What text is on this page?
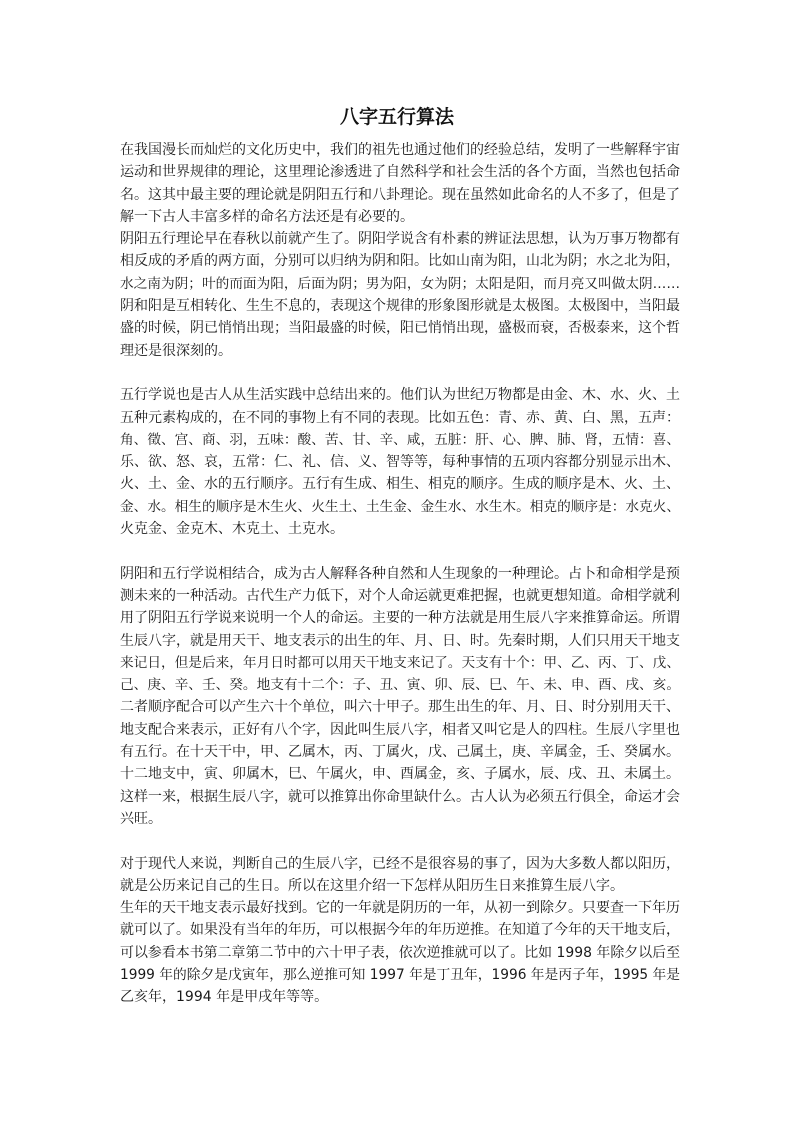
八字五行算法
在我国漫长而灿烂的文化历史中，我们的祖先也通过他们的经验总结，发明了一些解释宇宙
运动和世界规律的理论，这里理论渗透进了自然科学和社会生活的各个方面，当然也包括命
名。这其中最主要的理论就是阴阳五行和八卦理论。现在虽然如此命名的人不多了，但是了
解一下古人丰富多样的命名方法还是有必要的。
阴阳五行理论早在春秋以前就产生了。阴阳学说含有朴素的辨证法思想，认为万事万物都有
相反成的矛盾的两方面，分别可以归纳为阴和阳。比如山南为阳，山北为阴；水之北为阳，
水之南为阴；叶的而面为阳，后面为阴；男为阳，女为阴；太阳是阳，而月亮又叫做太阴……
阴和阳是互相转化、生生不息的，表现这个规律的形象图形就是太极图。太极图中，当阳最
盛的时候，阴已悄悄出现；当阳最盛的时候，阳已悄悄出现，盛极而衰，否极泰来，这个哲
理还是很深刻的。
五行学说也是古人从生活实践中总结出来的。他们认为世纪万物都是由金、木、水、火、土
五种元素构成的，在不同的事物上有不同的表现。比如五色：青、赤、黄、白、黑，五声：
角、徵、宫、商、羽，五味：酸、苦、甘、辛、咸，五脏：肝、心、脾、肺、肾，五情：喜、
乐、欲、怒、哀，五常：仁、礼、信、义、智等等，每种事情的五项内容都分别显示出木、
火、土、金、水的五行顺序。五行有生成、相生、相克的顺序。生成的顺序是木、火、土、
金、水。相生的顺序是木生火、火生土、土生金、金生水、水生木。相克的顺序是：水克火、
火克金、金克木、木克土、土克水。
阴阳和五行学说相结合，成为古人解释各种自然和人生现象的一种理论。占卜和命相学是预
测未来的一种活动。古代生产力低下，对个人命运就更难把握，也就更想知道。命相学就利
用了阴阳五行学说来说明一个人的命运。主要的一种方法就是用生辰八字来推算命运。所谓
生辰八字，就是用天干、地支表示的出生的年、月、日、时。先秦时期，人们只用天干地支
来记日，但是后来，年月日时都可以用天干地支来记了。天支有十个：甲、乙、丙、丁、戊、
己、庚、辛、壬、癸。地支有十二个：子、丑、寅、卯、辰、巳、午、未、申、酉、戌、亥。
二者顺序配合可以产生六十个单位，叫六十甲子。那生出生的年、月、日、时分别用天干、
地支配合来表示，正好有八个字，因此叫生辰八字，相者又叫它是人的四柱。生辰八字里也
有五行。在十天干中，甲、乙属木，丙、丁属火，戊、己属土，庚、辛属金，壬、癸属水。
十二地支中，寅、卯属木，巳、午属火，申、酉属金，亥、子属水，辰、戌、丑、未属土。
这样一来，根据生辰八字，就可以推算出你命里缺什么。古人认为必须五行俱全，命运才会
兴旺。
对于现代人来说，判断自己的生辰八字，已经不是很容易的事了，因为大多数人都以阳历，
就是公历来记自己的生日。所以在这里介绍一下怎样从阳历生日来推算生辰八字。
生年的天干地支表示最好找到。它的一年就是阴历的一年，从初一到除夕。只要查一下年历
就可以了。如果没有当年的年历，可以根据今年的年历逆推。在知道了今年的天干地支后，
可以参看本书第二章第二节中的六十甲子表，依次逆推就可以了。比如 1998 年除夕以后至
1999 年的除夕是戊寅年，那么逆推可知 1997 年是丁丑年，1996 年是丙子年，1995 年是
乙亥年，1994 年是甲戌年等等。
